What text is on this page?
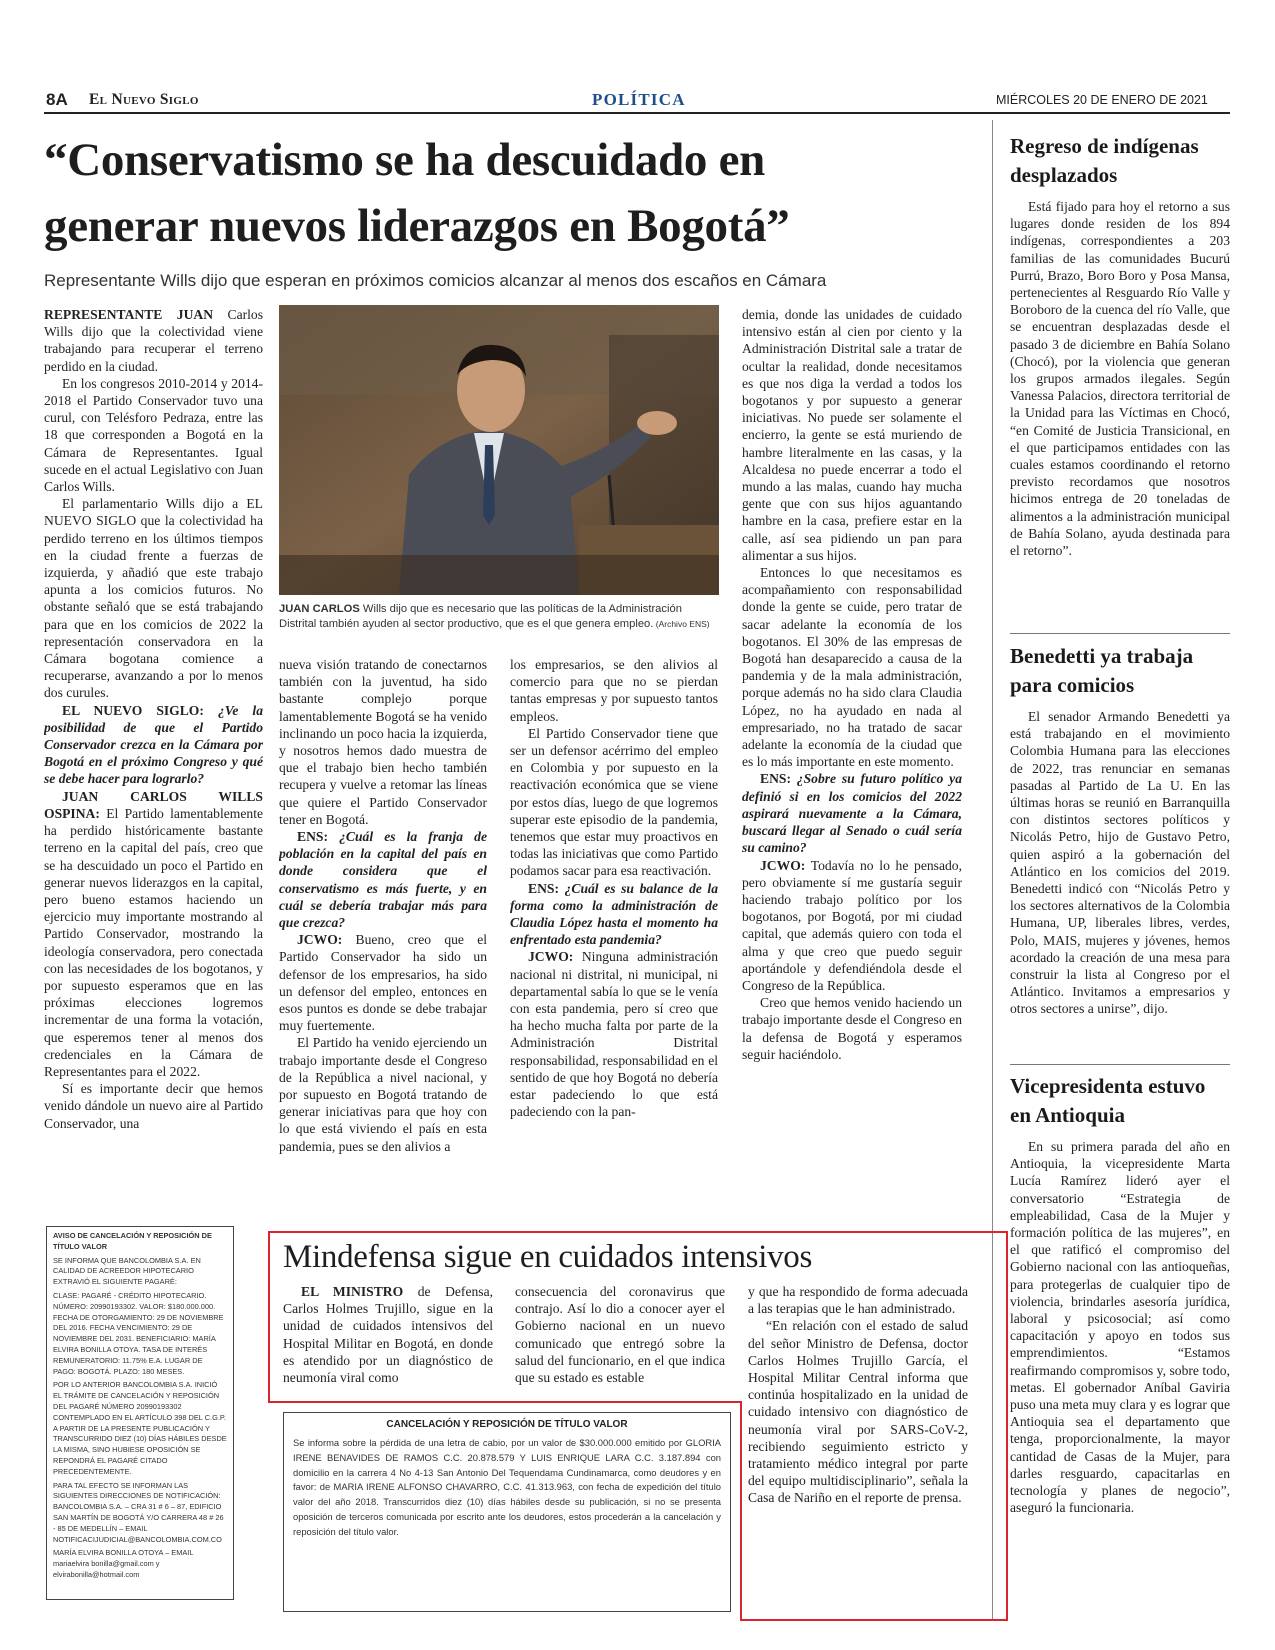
8A El Nuevo Siglo	POLÍTICA	MIÉRCOLES 20 DE ENERO DE 2021
“Conservatismo se ha descuidado en
generar nuevos liderazgos en Bogotá”
Representante Wills dijo que esperan en próximos comicios alcanzar al menos dos escaños en Cámara

REPRESENTANTE JUAN Carlos Wills dijo que la colectividad viene trabajando para recuperar el terreno perdido en la ciudad.

En los congresos 2010-2014 y 2014-2018 el Partido Conservador tuvo una curul, con Telésforo Pedraza, entre las 18 que corresponden a Bogotá en la Cámara de Representantes. Igual sucede en el actual Legislativo con Juan Carlos Wills.

El parlamentario Wills dijo a EL NUEVO SIGLO que la colectividad ha perdido terreno en los últimos tiempos en la ciudad frente a fuerzas de izquierda, y añadió que este trabajo apunta a los comicios futuros. No obstante señaló que se está trabajando para que en los comicios de 2022 la representación conservadora en la Cámara bogotana comience a recuperarse, avanzando a por lo menos dos curules.

EL NUEVO SIGLO: ¿Ve la posibilidad de que el Partido Conservador crezca en la Cámara por Bogotá en el próximo Congreso y qué se debe hacer para lograrlo?

JUAN CARLOS WILLS OSPINA: El Partido lamentablemente ha perdido históricamente bastante terreno en la capital del país, creo que se ha descuidado un poco el Partido en generar nuevos liderazgos en la capital, pero bueno estamos haciendo un ejercicio muy importante mostrando al Partido Conservador, mostrando la ideología conservadora, pero conectada con las necesidades de los bogotanos, y por supuesto esperamos que en las próximas elecciones logremos incrementar de una forma la votación, que esperemos tener al menos dos credenciales en la Cámara de Representantes para el 2022.

Sí es importante decir que hemos venido dándole un nuevo aire al Partido Conservador, una

JUAN CARLOS Wills dijo que es necesario que las políticas de la Administración Distrital también ayuden al sector productivo, que es el que genera empleo. (Archivo ENS)

nueva visión tratando de conectarnos también con la juventud, ha sido bastante complejo porque lamentablemente Bogotá se ha venido inclinando un poco hacia la izquierda, y nosotros hemos dado muestra de que el trabajo bien hecho también recupera y vuelve a retomar las líneas que quiere el Partido Conservador tener en Bogotá.

ENS: ¿Cuál es la franja de población en la capital del país en donde considera que el conservatismo es más fuerte, y en cuál se debería trabajar más para que crezca?

JCWO: Bueno, creo que el Partido Conservador ha sido un defensor de los empresarios, ha sido un defensor del empleo, entonces en esos puntos es donde se debe trabajar muy fuertemente.

El Partido ha venido ejerciendo un trabajo importante desde el Congreso de la República a nivel nacional, y por supuesto en Bogotá tratando de generar iniciativas para que hoy con lo que está viviendo el país en esta pandemia, pues se den alivios a

los empresarios, se den alivios al comercio para que no se pierdan tantas empresas y por supuesto tantos empleos.

El Partido Conservador tiene que ser un defensor acérrimo del empleo en Colombia y por supuesto en la reactivación económica que se viene por estos días, luego de que logremos superar este episodio de la pandemia, tenemos que estar muy proactivos en todas las iniciativas que como Partido podamos sacar para esa reactivación.

ENS: ¿Cuál es su balance de la forma como la administración de Claudia López hasta el momento ha enfrentado esta pandemia?

JCWO: Ninguna administración nacional ni distrital, ni municipal, ni departamental sabía lo que se le venía con esta pandemia, pero sí creo que ha hecho mucha falta por parte de la Administración Distrital responsabilidad, responsabilidad en el sentido de que hoy Bogotá no debería estar padeciendo lo que está padeciendo con la pan-

demia, donde las unidades de cuidado intensivo están al cien por ciento y la Administración Distrital sale a tratar de ocultar la realidad, donde necesitamos es que nos diga la verdad a todos los bogotanos y por supuesto a generar iniciativas. No puede ser solamente el encierro, la gente se está muriendo de hambre literalmente en las casas, y la Alcaldesa no puede encerrar a todo el mundo a las malas, cuando hay mucha gente que con sus hijos aguantando hambre en la casa, prefiere estar en la calle, así sea pidiendo un pan para alimentar a sus hijos.

Entonces lo que necesitamos es acompañamiento con responsabilidad donde la gente se cuide, pero tratar de sacar adelante la economía de los bogotanos. El 30% de las empresas de Bogotá han desaparecido a causa de la pandemia y de la mala administración, porque además no ha sido clara Claudia López, no ha ayudado en nada al empresariado, no ha tratado de sacar adelante la economía de la ciudad que es lo más importante en este momento.

ENS: ¿Sobre su futuro político ya definió si en los comicios del 2022 aspirará nuevamente a la Cámara, buscará llegar al Senado o cuál sería su camino?

JCWO: Todavía no lo he pensado, pero obviamente sí me gustaría seguir haciendo trabajo político por los bogotanos, por Bogotá, por mi ciudad capital, que además quiero con toda el alma y que creo que puedo seguir aportándole y defendiéndola desde el Congreso de la República.

Creo que hemos venido haciendo un trabajo importante desde el Congreso en la defensa de Bogotá y esperamos seguir haciéndolo.

Regreso de indígenas desplazados

Está fijado para hoy el retorno a sus lugares donde residen de los 894 indígenas, correspondientes a 203 familias de las comunidades Bucurú Purrú, Brazo, Boro Boro y Posa Mansa, pertenecientes al Resguardo Río Valle y Boroboro de la cuenca del río Valle, que se encuentran desplazadas desde el pasado 3 de diciembre en Bahía Solano (Chocó), por la violencia que generan los grupos armados ilegales. Según Vanessa Palacios, directora territorial de la Unidad para las Víctimas en Chocó, “en Comité de Justicia Transicional, en el que participamos entidades con las cuales estamos coordinando el retorno previsto recordamos que nosotros hicimos entrega de 20 toneladas de alimentos a la administración municipal de Bahía Solano, ayuda destinada para el retorno”.

Benedetti ya trabaja para comicios

El senador Armando Benedetti ya está trabajando en el movimiento Colombia Humana para las elecciones de 2022, tras renunciar en semanas pasadas al Partido de La U. En las últimas horas se reunió en Barranquilla con distintos sectores políticos y Nicolás Petro, hijo de Gustavo Petro, quien aspiró a la gobernación del Atlántico en los comicios del 2019. Benedetti indicó con “Nicolás Petro y los sectores alternativos de la Colombia Humana, UP, liberales libres, verdes, Polo, MAIS, mujeres y jóvenes, hemos acordado la creación de una mesa para construir la lista al Congreso por el Atlántico. Invitamos a empresarios y otros sectores a unirse”, dijo.

Vicepresidenta estuvo en Antioquia

En su primera parada del año en Antioquia, la vicepresidente Marta Lucía Ramírez lideró ayer el conversatorio “Estrategia de empleabilidad, Casa de la Mujer y formación política de las mujeres”, en el que ratificó el compromiso del Gobierno nacional con las antioqueñas, para protegerlas de cualquier tipo de violencia, brindarles asesoría jurídica, laboral y psicosocial; así como capacitación y apoyo en todos sus emprendimientos. “Estamos reafirmando compromisos y, sobre todo, metas. El gobernador Aníbal Gaviria puso una meta muy clara y es lograr que Antioquia sea el departamento que tenga, proporcionalmente, la mayor cantidad de Casas de la Mujer, para darles resguardo, capacitarlas en tecnología y planes de negocio”, aseguró la funcionaria.

AVISO DE CANCELACIÓN Y REPOSICIÓN DE TÍTULO VALOR
SE INFORMA QUE BANCOLOMBIA S.A. EN CALIDAD DE ACREEDOR HIPOTECARIO EXTRAVIÓ EL SIGUIENTE PAGARÉ:
CLASE: PAGARÉ - CRÉDITO HIPOTECARIO. NÚMERO: 20990193302. VALOR: $180.000.000. FECHA DE OTORGAMIENTO: 29 DE NOVIEMBRE DEL 2016. FECHA VENCIMIENTO: 29 DE NOVIEMBRE DEL 2031. BENEFICIARIO: MARÍA ELVIRA BONILLA OTOYA. TASA DE INTERÉS REMUNERATORIO: 11.75% E.A. LUGAR DE PAGO: BOGOTÁ. PLAZO: 180 MESES.
POR LO ANTERIOR BANCOLOMBIA S.A. INICIÓ EL TRÁMITE DE CANCELACIÓN Y REPOSICIÓN DEL PAGARÉ NÚMERO 20990193302 CONTEMPLADO EN EL ARTÍCULO 398 DEL C.G.P. A PARTIR DE LA PRESENTE PUBLICACIÓN Y TRANSCURRIDO DIEZ (10) DÍAS HÁBILES DESDE LA MISMA, SINO HUBIESE OPOSICIÓN SE REPONDRÁ EL PAGARÉ CITADO PRECEDENTEMENTE.
PARA TAL EFECTO SE INFORMAN LAS SIGUIENTES DIRECCIONES DE NOTIFICACIÓN: BANCOLOMBIA S.A. – CRA 31 # 6 – 87, EDIFICIO SAN MARTÍN DE BOGOTÁ Y/O CARRERA 48 # 26 - 85 DE MEDELLÍN – EMAIL NOTIFICACIJUDICIAL@BANCOLOMBIA.COM.CO
MARÍA ELVIRA BONILLA OTOYA – EMAIL mariaelvira bonilla@gmail.com y elvirabonilla@hotmail.com
Mindefensa sigue en cuidados intensivos

EL MINISTRO de Defensa, Carlos Holmes Trujillo, sigue en la unidad de cuidados intensivos del Hospital Militar en Bogotá, en donde es atendido por un diagnóstico de neumonía viral como

consecuencia del coronavirus que contrajo. Así lo dio a conocer ayer el Gobierno nacional en un nuevo comunicado que entregó sobre la salud del funcionario, en el que indica que su estado es estable

y que ha respondido de forma adecuada a las terapias que le han administrado.

“En relación con el estado de salud del señor Ministro de Defensa, doctor Carlos Holmes Trujillo García, el Hospital Militar Central informa que continúa hospitalizado en la unidad de cuidado intensivo con diagnóstico de neumonía viral por SARS-CoV-2, recibiendo seguimiento estricto y tratamiento médico integral por parte del equipo multidisciplinario”, señala la Casa de Nariño en el reporte de prensa.

CANCELACIÓN Y REPOSICIÓN DE TÍTULO VALOR
Se informa sobre la pérdida de una letra de cabio, por un valor de $30.000.000 emitido por GLORIA IRENE BENAVIDES DE RAMOS C.C. 20.878.579 Y LUIS ENRIQUE LARA C.C. 3.187.894 con domicilio en la carrera 4 No 4-13 San Antonio Del Tequendama Cundinamarca, como deudores y en favor: de MARIA IRENE ALFONSO CHAVARRO, C.C. 41.313.963, con fecha de expedición del título valor del año 2018. Transcurridos diez (10) días hábiles desde su publicación, si no se presenta oposición de terceros comunicada por escrito ante los deudores, estos procederán a la cancelación y reposición del título valor.
